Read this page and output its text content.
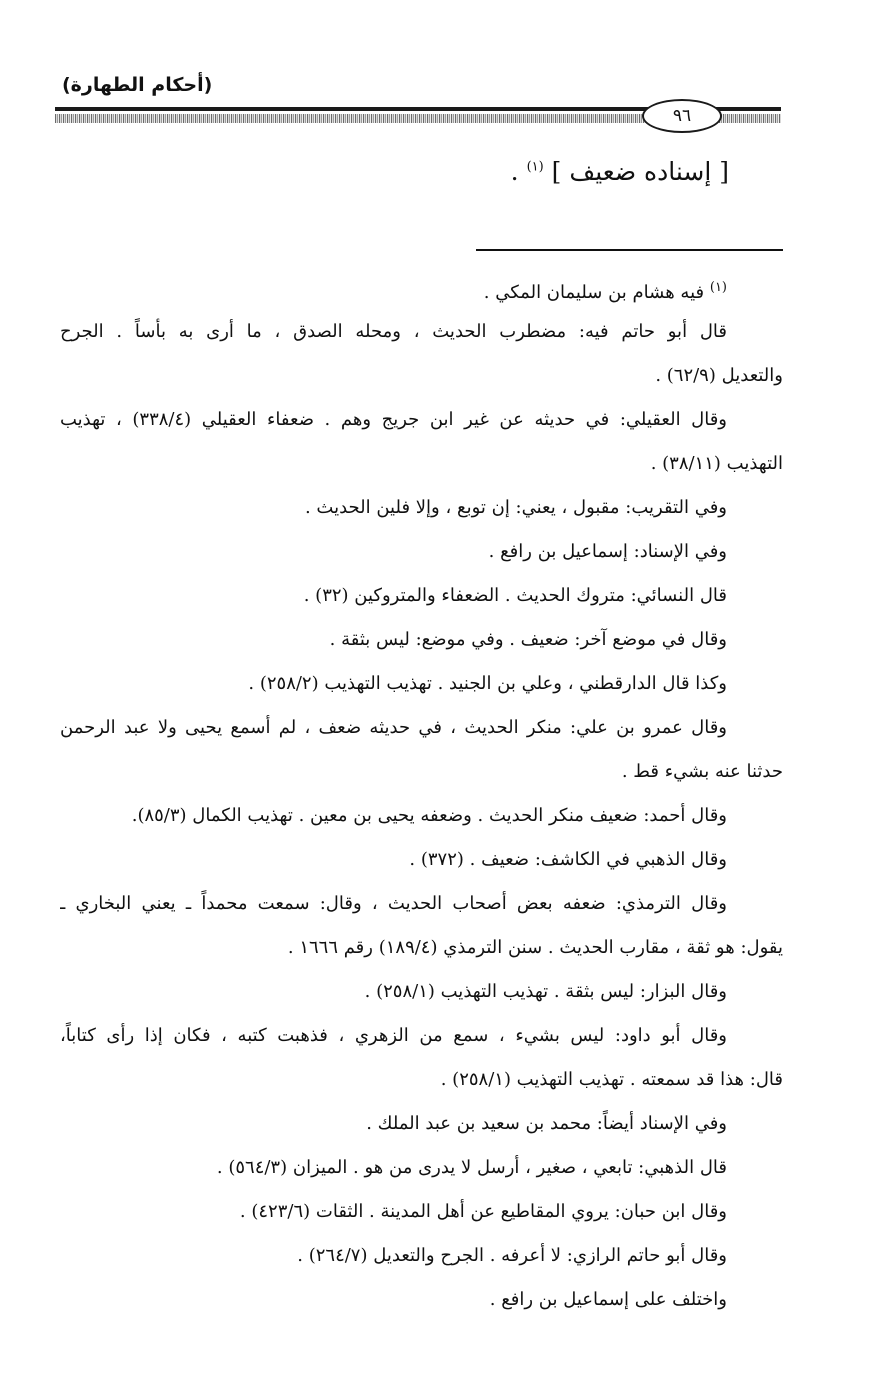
(أحكام الطهارة)
٩٦
[ إسناده ضعيف ] $^{(١)}$ .
$^{(١)}$ فيه هشام بن سليمان المكي .
قال أبو حاتم فيه: مضطرب الحديث ، ومحله الصدق ، ما أرى به بأساً . الجرح
والتعديل (٦٢/٩) .
وقال العقيلي: في حديثه عن غير ابن جريج وهم . ضعفاء العقيلي (٣٣٨/٤) ، تهذيب
التهذيب (٣٨/١١) .
وفي التقريب: مقبول ، يعني: إن توبع ، وإلا فلين الحديث .
وفي الإسناد: إسماعيل بن رافع .
قال النسائي: متروك الحديث . الضعفاء والمتروكين (٣٢) .
وقال في موضع آخر: ضعيف . وفي موضع: ليس بثقة .
وكذا قال الدارقطني ، وعلي بن الجنيد . تهذيب التهذيب (٢٥٨/٢) .
وقال عمرو بن علي: منكر الحديث ، في حديثه ضعف ، لم أسمع يحيى ولا عبد الرحمن
حدثنا عنه بشيء قط .
وقال أحمد: ضعيف منكر الحديث . وضعفه يحيى بن معين . تهذيب الكمال (٨٥/٣).
وقال الذهبي في الكاشف: ضعيف . (٣٧٢) .
وقال الترمذي: ضعفه بعض أصحاب الحديث ، وقال: سمعت محمداً ـ يعني البخاري ـ
يقول: هو ثقة ، مقارب الحديث . سنن الترمذي (١٨٩/٤) رقم ١٦٦٦ .
وقال البزار: ليس بثقة . تهذيب التهذيب (٢٥٨/١) .
وقال أبو داود: ليس بشيء ، سمع من الزهري ، فذهبت كتبه ، فكان إذا رأى كتاباً،
قال: هذا قد سمعته . تهذيب التهذيب (٢٥٨/١) .
وفي الإسناد أيضاً: محمد بن سعيد بن عبد الملك .
قال الذهبي: تابعي ، صغير ، أرسل لا يدرى من هو . الميزان (٥٦٤/٣) .
وقال ابن حبان: يروي المقاطيع عن أهل المدينة . الثقات (٤٢٣/٦) .
وقال أبو حاتم الرازي: لا أعرفه . الجرح والتعديل (٢٦٤/٧) .
واختلف على إسماعيل بن رافع .
